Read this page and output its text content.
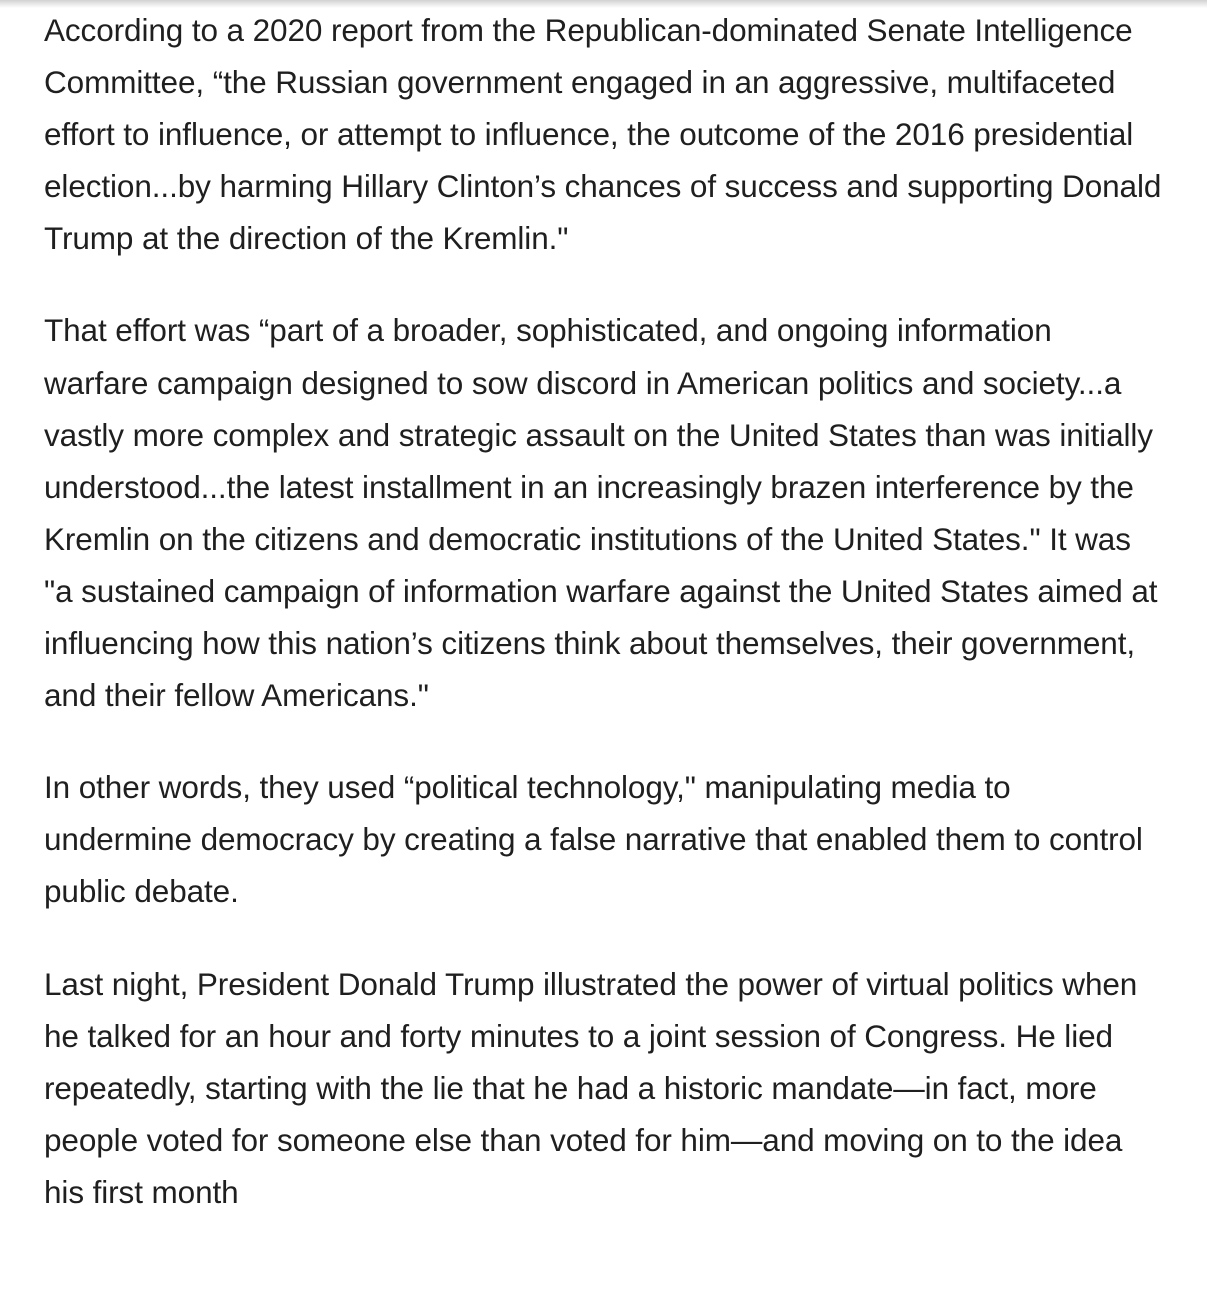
According to a 2020 report from the Republican-dominated Senate Intelligence Committee, “the Russian government engaged in an aggressive, multifaceted effort to influence, or attempt to influence, the outcome of the 2016 presidential election...by harming Hillary Clinton’s chances of success and supporting Donald Trump at the direction of the Kremlin."

That effort was “part of a broader, sophisticated, and ongoing information warfare campaign designed to sow discord in American politics and society...a vastly more complex and strategic assault on the United States than was initially understood...the latest installment in an increasingly brazen interference by the Kremlin on the citizens and democratic institutions of the United States." It was "a sustained campaign of information warfare against the United States aimed at influencing how this nation’s citizens think about themselves, their government, and their fellow Americans."

In other words, they used “political technology," manipulating media to undermine democracy by creating a false narrative that enabled them to control public debate.

Last night, President Donald Trump illustrated the power of virtual politics when he talked for an hour and forty minutes to a joint session of Congress. He lied repeatedly, starting with the lie that he had a historic mandate—in fact, more people voted for someone else than voted for him—and moving on to the idea his first month
